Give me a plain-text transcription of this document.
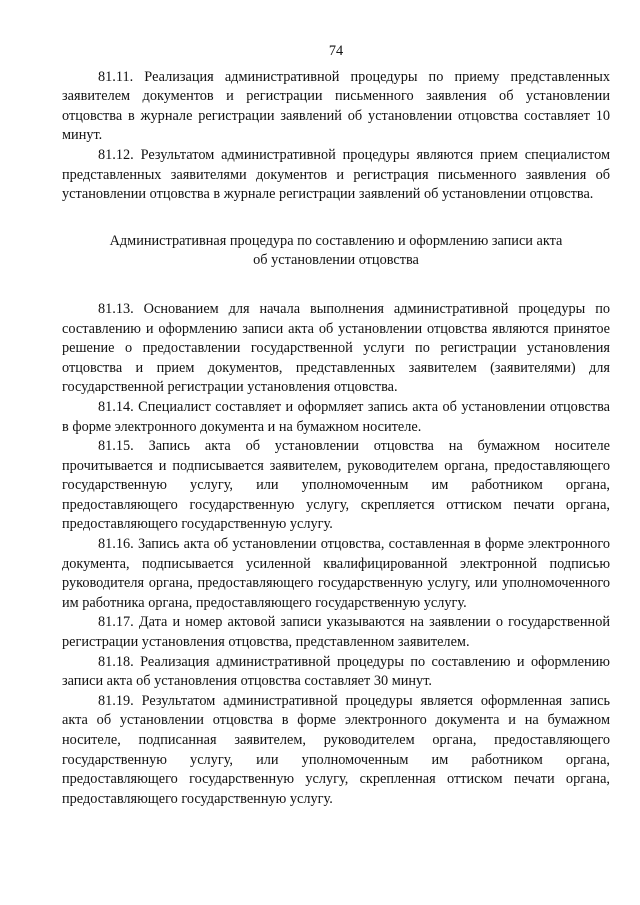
74

81.11. Реализация административной процедуры по приему представленных заявителем документов и регистрации письменного заявления об установлении отцовства в журнале регистрации заявлений об установлении отцовства составляет 10 минут.

81.12. Результатом административной процедуры являются прием специалистом представленных заявителями документов и регистрация письменного заявления об установлении отцовства в журнале регистрации заявлений об установлении отцовства.

Административная процедура по составлению и оформлению записи акта
об установлении отцовства

81.13. Основанием для начала выполнения административной процедуры по составлению и оформлению записи акта об установлении отцовства являются принятое решение о предоставлении государственной услуги по регистрации установления отцовства и прием документов, представленных заявителем (заявителями) для государственной регистрации установления отцовства.

81.14. Специалист составляет и оформляет запись акта об установлении отцовства в форме электронного документа и на бумажном носителе.

81.15. Запись акта об установлении отцовства на бумажном носителе прочитывается и подписывается заявителем, руководителем органа, предоставляющего государственную услугу, или уполномоченным им работником органа, предоставляющего государственную услугу, скрепляется оттиском печати органа, предоставляющего государственную услугу.

81.16. Запись акта об установлении отцовства, составленная в форме электронного документа, подписывается усиленной квалифицированной электронной подписью руководителя органа, предоставляющего государственную услугу, или уполномоченного им работника органа, предоставляющего государственную услугу.

81.17. Дата и номер актовой записи указываются на заявлении о государственной регистрации установления отцовства, представленном заявителем.

81.18. Реализация административной процедуры по составлению и оформлению записи акта об установления отцовства составляет 30 минут.

81.19. Результатом административной процедуры является оформленная запись акта об установлении отцовства в форме электронного документа и на бумажном носителе, подписанная заявителем, руководителем органа, предоставляющего государственную услугу, или уполномоченным им работником органа, предоставляющего государственную услугу, скрепленная оттиском печати органа, предоставляющего государственную услугу.
